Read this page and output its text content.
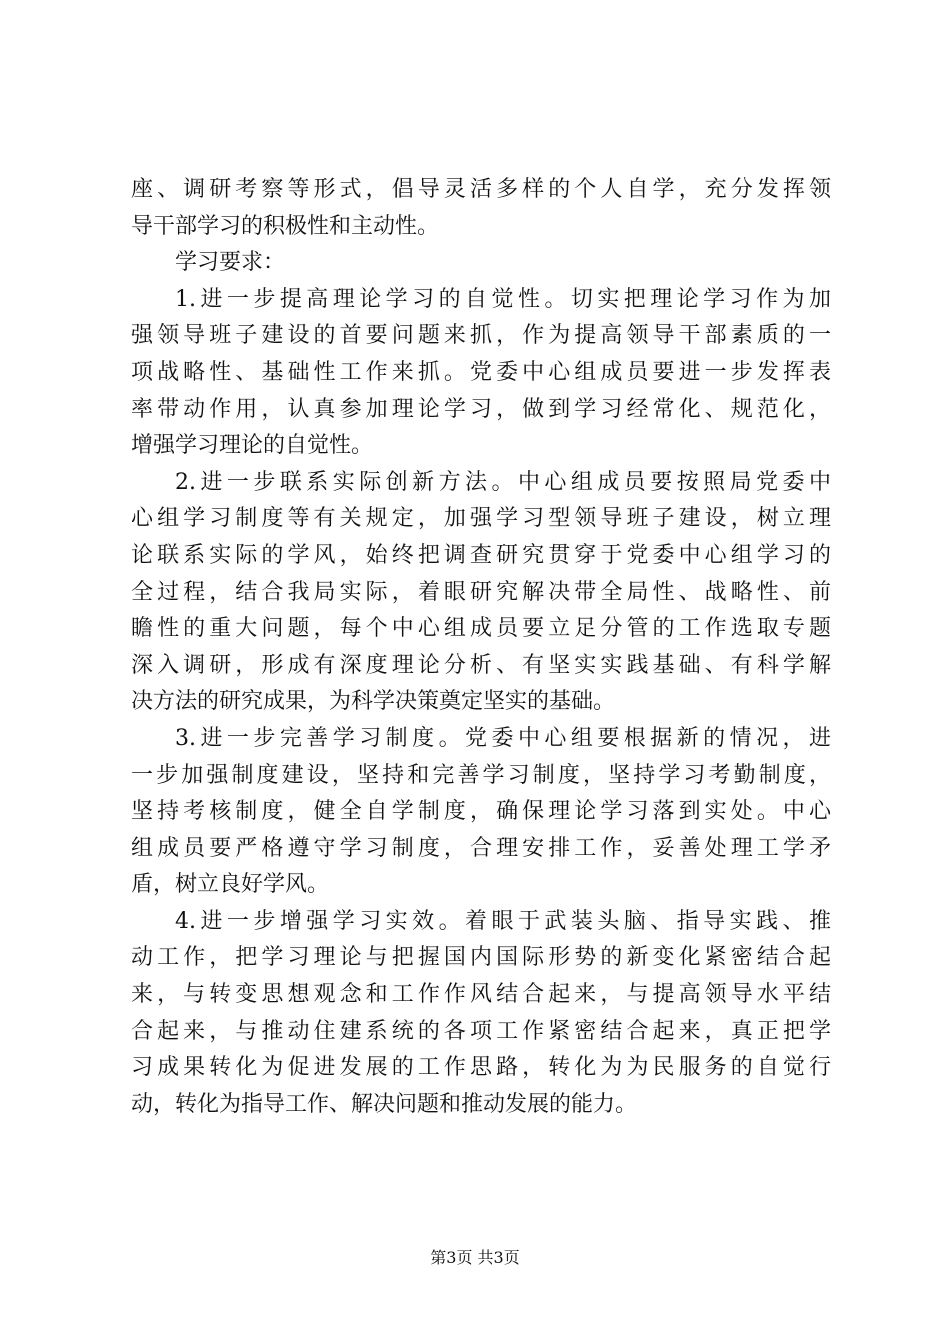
座、调研考察等形式，倡导灵活多样的个人自学，充分发挥领
导干部学习的积极性和主动性。
学习要求：
1.进一步提高理论学习的自觉性。切实把理论学习作为加
强领导班子建设的首要问题来抓，作为提高领导干部素质的一
项战略性、基础性工作来抓。党委中心组成员要进一步发挥表
率带动作用，认真参加理论学习，做到学习经常化、规范化，
增强学习理论的自觉性。
2.进一步联系实际创新方法。中心组成员要按照局党委中
心组学习制度等有关规定，加强学习型领导班子建设，树立理
论联系实际的学风，始终把调查研究贯穿于党委中心组学习的
全过程，结合我局实际，着眼研究解决带全局性、战略性、前
瞻性的重大问题，每个中心组成员要立足分管的工作选取专题
深入调研，形成有深度理论分析、有坚实实践基础、有科学解
决方法的研究成果，为科学决策奠定坚实的基础。
3.进一步完善学习制度。党委中心组要根据新的情况，进
一步加强制度建设，坚持和完善学习制度，坚持学习考勤制度，
坚持考核制度，健全自学制度，确保理论学习落到实处。中心
组成员要严格遵守学习制度，合理安排工作，妥善处理工学矛
盾，树立良好学风。
4.进一步增强学习实效。着眼于武装头脑、指导实践、推
动工作，把学习理论与把握国内国际形势的新变化紧密结合起
来，与转变思想观念和工作作风结合起来，与提高领导水平结
合起来，与推动住建系统的各项工作紧密结合起来，真正把学
习成果转化为促进发展的工作思路，转化为为民服务的自觉行
动，转化为指导工作、解决问题和推动发展的能力。
第3页 共3页
